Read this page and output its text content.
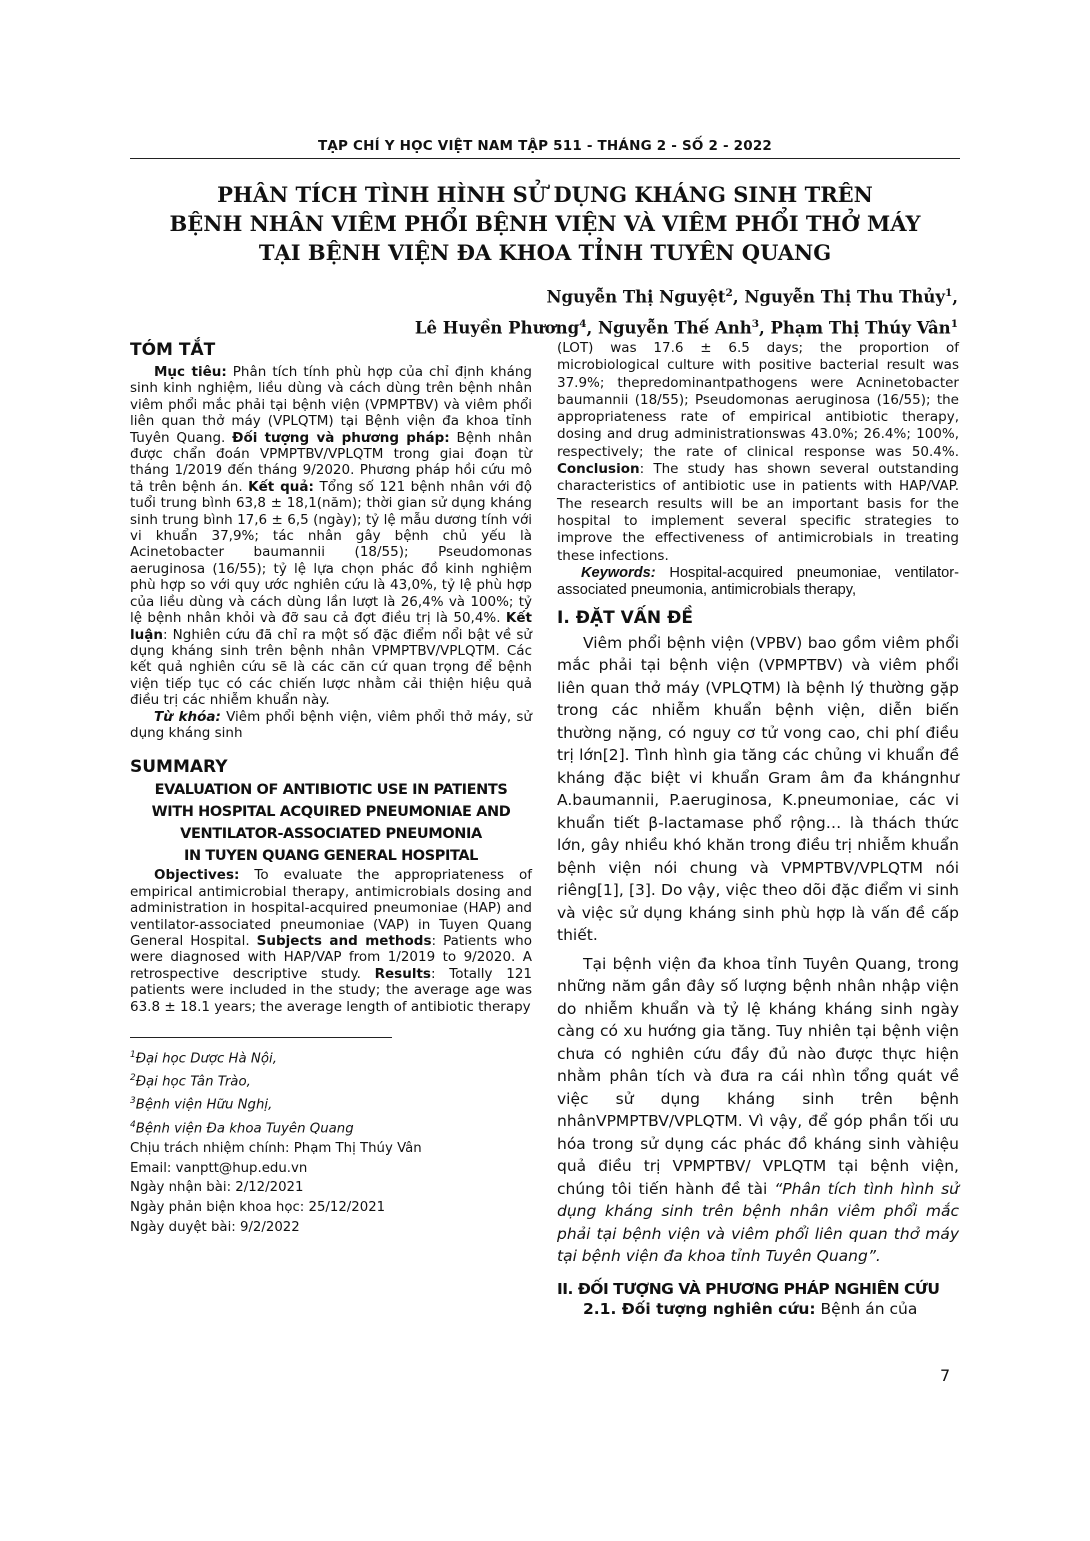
TẠP CHÍ Y HỌC VIỆT NAM TẬP 511 - THÁNG 2 - SỐ 2 - 2022
PHÂN TÍCH TÌNH HÌNH SỬ DỤNG KHÁNG SINH TRÊN
BỆNH NHÂN VIÊM PHỔI BỆNH VIỆN VÀ VIÊM PHỔI THỞ MÁY
TẠI BỆNH VIỆN ĐA KHOA TỈNH TUYÊN QUANG
Nguyễn Thị Nguyệt$^2$, Nguyễn Thị Thu Thủy$^1$,
Lê Huyền Phương$^4$, Nguyễn Thế Anh$^3$, Phạm Thị Thúy Vân$^1$
TÓM TẮT

Mục tiêu: Phân tích tính phù hợp của chỉ định kháng sinh kinh nghiệm, liều dùng và cách dùng trên bệnh nhân viêm phổi mắc phải tại bệnh viện (VPMPTBV) và viêm phổi liên quan thở máy (VPLQTM) tại Bệnh viện đa khoa tỉnh Tuyên Quang. Đối tượng và phương pháp: Bệnh nhân được chẩn đoán VPMPTBV/VPLQTM trong giai đoạn từ tháng 1/2019 đến tháng 9/2020. Phương pháp hồi cứu mô tả trên bệnh án. Kết quả: Tổng số 121 bệnh nhân với độ tuổi trung bình 63,8 ± 18,1(năm); thời gian sử dụng kháng sinh trung bình 17,6 ± 6,5 (ngày); tỷ lệ mẫu dương tính với vi khuẩn 37,9%; tác nhân gây bệnh chủ yếu là Acinetobacter baumannii (18/55); Pseudomonas aeruginosa (16/55); tỷ lệ lựa chọn phác đồ kinh nghiệm phù hợp so với quy ước nghiên cứu là 43,0%, tỷ lệ phù hợp của liều dùng và cách dùng lần lượt là 26,4% và 100%; tỷ lệ bệnh nhân khỏi và đỡ sau cả đợt điều trị là 50,4%. Kết luận: Nghiên cứu đã chỉ ra một số đặc điểm nổi bật về sử dụng kháng sinh trên bệnh nhân VPMPTBV/VPLQTM. Các kết quả nghiên cứu sẽ là các căn cứ quan trọng để bệnh viện tiếp tục có các chiến lược nhằm cải thiện hiệu quả điều trị các nhiễm khuẩn này.

Từ khóa: Viêm phổi bệnh viện, viêm phổi thở máy, sử dụng kháng sinh

SUMMARY
EVALUATION OF ANTIBIOTIC USE IN PATIENTS
WITH HOSPITAL ACQUIRED PNEUMONIAE AND
VENTILATOR-ASSOCIATED PNEUMONIA
IN TUYEN QUANG GENERAL HOSPITAL

Objectives: To evaluate the appropriateness of empirical antimicrobial therapy, antimicrobials dosing and administration in hospital-acquired pneumoniae (HAP) and ventilator-associated pneumoniae (VAP) in Tuyen Quang General Hospital. Subjects and methods: Patients who were diagnosed with HAP/VAP from 1/2019 to 9/2020. A retrospective descriptive study. Results: Totally 121 patients were included in the study; the average age was 63.8 ± 18.1 years; the average length of antibiotic therapy

$^1$Đại học Dược Hà Nội,
$^2$Đại học Tân Trào,
$^3$Bệnh viện Hữu Nghị,
$^4$Bệnh viện Đa khoa Tuyên Quang
Chịu trách nhiệm chính: Phạm Thị Thúy Vân
Email: vanptt@hup.edu.vn
Ngày nhận bài: 2/12/2021
Ngày phản biện khoa học: 25/12/2021
Ngày duyệt bài: 9/2/2022

(LOT) was 17.6 ± 6.5 days; the proportion of microbiological culture with positive bacterial result was 37.9%; thepredominantpathogens were Acninetobacter baumannii (18/55); Pseudomonas aeruginosa (16/55); the appropriateness rate of empirical antibiotic therapy, dosing and drug administrationswas 43.0%; 26.4%; 100%, respectively; the rate of clinical response was 50.4%. Conclusion: The study has shown several outstanding characteristics of antibiotic use in patients with HAP/VAP. The research results will be an important basis for the hospital to implement several specific strategies to improve the effectiveness of antimicrobials in treating these infections.

Keywords: Hospital-acquired pneumoniae, ventilator-associated pneumonia, antimicrobials therapy,

I. ĐẶT VẤN ĐỀ

Viêm phổi bệnh viện (VPBV) bao gồm viêm phổi mắc phải tại bệnh viện (VPMPTBV) và viêm phổi liên quan thở máy (VPLQTM) là bệnh lý thường gặp trong các nhiễm khuẩn bệnh viện, diễn biến thường nặng, có nguy cơ tử vong cao, chi phí điều trị lớn[2]. Tình hình gia tăng các chủng vi khuẩn đề kháng đặc biệt vi khuẩn Gram âm đa khángnhư A.baumannii, P.aeruginosa, K.pneumoniae, các vi khuẩn tiết β-lactamase phổ rộng… là thách thức lớn, gây nhiều khó khăn trong điều trị nhiễm khuẩn bệnh viện nói chung và VPMPTBV/VPLQTM nói riêng[1], [3]. Do vậy, việc theo dõi đặc điểm vi sinh và việc sử dụng kháng sinh phù hợp là vấn đề cấp thiết.

Tại bệnh viện đa khoa tỉnh Tuyên Quang, trong những năm gần đây số lượng bệnh nhân nhập viện do nhiễm khuẩn và tỷ lệ kháng kháng sinh ngày càng có xu hướng gia tăng. Tuy nhiên tại bệnh viện chưa có nghiên cứu đầy đủ nào được thực hiện nhằm phân tích và đưa ra cái nhìn tổng quát về việc sử dụng kháng sinh trên bệnh nhânVPMPTBV/VPLQTM. Vì vậy, để góp phần tối ưu hóa trong sử dụng các phác đồ kháng sinh vàhiệu quả điều trị VPMPTBV/ VPLQTM tại bệnh viện, chúng tôi tiến hành đề tài “Phân tích tình hình sử dụng kháng sinh trên bệnh nhân viêm phổi mắc phải tại bệnh viện và viêm phổi liên quan thở máy tại bệnh viện đa khoa tỉnh Tuyên Quang”.

II. ĐỐI TƯỢNG VÀ PHƯƠNG PHÁP NGHIÊN CỨU

2.1. Đối tượng nghiên cứu: Bệnh án của

7
